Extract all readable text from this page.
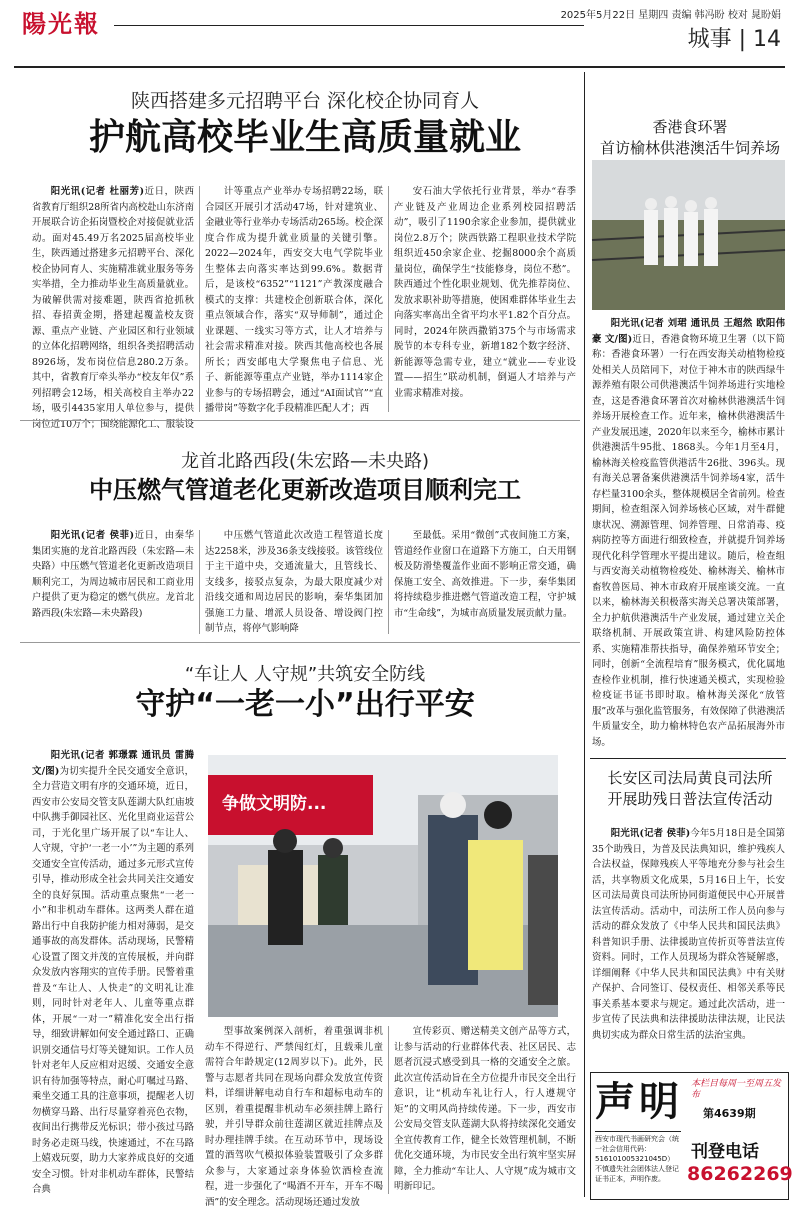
陽光報	2025年5月22日 星期四 责编 韩冯盼 校对 晁盼娟
城事 | 14
陕西搭建多元招聘平台 深化校企协同育人
护航高校毕业生高质量就业
阳光讯(记者 杜丽芳)近日，陕西省教育厅组织28所省内高校赴山东济南开展联合访企拓岗暨校企对接促就业活动。面对45.49万名2025届高校毕业生，陕西通过搭建多元招聘平台、深化校企协同育人、实施精准就业服务等务实举措，全力推动毕业生高质量就业。为破解供需对接难题，陕西省抢抓秋招、春招黄金期，搭建起覆盖校友资源、重点产业链、产业园区和行业领域的立体化招聘网络，组织各类招聘活动8926场，发布岗位信息280.2万条。其中，省教育厅牵头举办“校友年仅”系列招聘会12场，相关高校自主举办22场，吸引4435家用人单位参与，提供岗位近10万个；围绕能源化工、服装设
计等重点产业举办专场招聘22场，联合园区开展引才活动47场，针对建筑业、金融业等行业举办专场活动265场。校企深度合作成为提升就业质量的关键引擎。2022—2024年，西安交大电气学院毕业生整体去向落实率达到99.6%。数据背后，是该校“6352”“1121”产教深度融合模式的支撑：共建校企创新联合体，深化重点领域合作，落实“双导师制”，通过企业课题、一线实习等方式，让人才培养与社会需求精准对接。陕西其他高校也各展所长；西安邮电大学聚焦电子信息、光子、新能源等重点产业链，举办1114家企业参与的专场招聘会，通过“AI面试官”“直播带岗”等数字化手段精准匹配人才；西
安石油大学依托行业背景，举办“春季产业链及产业周边企业系列校园招聘活动”，吸引了1190余家企业参加，提供就业岗位2.8万个；陕西铁路工程职业技术学院组织近450余家企业、挖掘8000余个高质量岗位，确保学生“技能修身，岗位不愁”。陕西通过个性化职业规划、优先推荐岗位、发放求职补助等措施，使困难群体毕业生去向落实率高出全省平均水平1.82个百分点。同时，2024年陕西撒销375个与市场需求脱节的本专科专业，新增182个数字经济、新能源等急需专业，建立“就业——专业设置——招生”联动机制，倒逼人才培养与产业需求精准对接。
龙首北路西段(朱宏路—未央路)
中压燃气管道老化更新改造项目顺利完工
阳光讯(记者 侯菲)近日，由秦华集团实施的龙首北路西段（朱宏路—未央路）中压燃气管道老化更新改造项目顺利完工，为周边城市居民和工商业用户提供了更为稳定的燃气供应。龙首北路西段(朱宏路—未央路段)
中压燃气管道此次改造工程管道长度达2258米，涉及36条支线接驳。该管线位于主干道中央，交通流量大，且管线长、支线多，接驳点复杂，为最大限度减少对沿线交通和周边居民的影响，秦华集团加强施工力量、增派人员设备、增设阀门控制节点，将停气影响降
至最低。采用“微创”式夜间施工方案，管道经作业窗口在道路下方施工，白天用钢板及防滑垫覆盖作业面不影响正常交通，确保施工安全、高效推进。下一步，秦华集团将持续稳步推进燃气管道改造工程，守护城市“生命线”，为城市高质量发展贡献力量。
“车让人 人守规”共筑安全防线
守护“一老一小”出行平安
阳光讯(记者 郭璟霖 通讯员 雷腾文/图)为切实提升全民交通安全意识，全力营造文明有序的交通环境，近日，西安市公安局交管支队莲湖大队红庙坡中队携手御园社区、光化里商业运营公司，于光化里广场开展了以“车让人、人守规，守护‘一老一小’”为主题的系列交通安全宣传活动，通过多元形式宣传引导，推动形成全社会共同关注交通安全的良好氛围。活动重点聚焦“一老一小”和非机动车群体。这两类人群在道路出行中自我防护能力相对薄弱，是交通事故的高发群体。活动现场，民警精心设置了图文并茂的宣传展板，并向群众发放内容翔实的宣传手册。民警着重普及“车让人、人快走”的文明礼让准则，同时针对老年人、儿童等重点群体，开展“一对一”精准化安全出行指导，细致讲解如何安全通过路口、正确识别交通信号灯等关键知识。工作人员针对老年人反应相对迟缓、交通安全意识有待加强等特点，耐心叮嘱过马路、乘坐交通工具的注意事项，提醒老人切勿横穿马路、出行尽量穿着亮色衣物，夜间出行携带反光标识；带小孩过马路时务必走斑马线，快速通过，不在马路上嬉戏玩耍，助力大家养成良好的交通安全习惯。针对非机动车群体，民警结合典
争做文明防...
型事故案例深入剖析，着重强调非机动车不得逆行、严禁闯红灯，且载乘儿童需符合年龄规定(12周岁以下)。此外，民警与志愿者共同在现场向群众发放宣传资料，详细讲解电动自行车和超标电动车的区别，着重提醒非机动车必须挂牌上路行驶，并引导群众前往莲湖区就近挂牌点及时办理挂牌手续。在互动环节中，现场设置的酒驾吹气模拟体验装置吸引了众多群众参与，大家通过亲身体验饮酒检查流程，进一步强化了“喝酒不开车，开车不喝酒”的安全理念。活动现场还通过发放
宣传彩页、赠送精美文创产品等方式，让参与活动的行业群体代表、社区居民、志愿者沉浸式感受到具一格的交通安全之旅。此次宣传活动旨在全方位提升市民交全出行意识，让“机动车礼让行人，行人遵规守矩”的文明风尚持续传递。下一步，西安市公安局交管支队莲湖大队将持续深化交通安全宣传教育工作，健全长效管理机制，不断优化交通环境，为市民安全出行筑牢坚实屏障，全力推动“车让人、人守规”成为城市文明新印记。
香港食环署
首访榆林供港澳活牛饲养场
阳光讯(记者 刘珺 通讯员 王超然 欧阳伟豪 文/图)近日，香港食物环境卫生署（以下简称：香港食环署）一行在西安海关动植物检疫处相关人员陪同下，对位于神木市的陕西绿牛源养殖有限公司供港澳活牛饲养场进行实地检查，这是香港食环署首次对榆林供港澳活牛饲养场开展检查工作。近年来，榆林供港澳活牛产业发展迅速，2020年以来至今，榆林市累计供港澳活牛95批、1868头。今年1月至4月，榆林海关检疫监管供港活牛26批、396头。现有海关总署备案供港澳活牛饲养场4家，活牛存栏量3100余头，整体规模居全省前列。检查期间，检查组深入饲养场核心区域，对牛群健康状况、溯源管理、饲养管理、日常消毒、疫病防控等方面进行细致检查，并就提升饲养场现代化科学管理水平提出建议。随后，检查组与西安海关动植物检疫处、榆林海关、榆林市畜牧兽医局、神木市政府开展座谈交流。一直以来，榆林海关积极落实海关总署决策部署，全力护航供港澳活牛产业发展，通过建立关企联络机制、开展政策宣讲、构建风险防控体系、实施精准帮扶指导，确保养殖环节安全；同时，创新“全流程培育”服务模式，优化属地查检作业机制，推行快速通关模式，实现检验检疫证书证书即时取。榆林海关深化“放管服”改革与强化监管服务，有效保障了供港澳活牛质量安全，助力榆林特色农产品拓展海外市场。
长安区司法局黄良司法所
开展助残日普法宣传活动
阳光讯(记者 侯菲)今年5月18日是全国第35个助残日，为普及民法典知识，维护残疾人合法权益，保障残疾人平等地充分参与社会生活，共享物质文化成果，5月16日上午，长安区司法局黄良司法所协同街道便民中心开展普法宣传活动。活动中，司法所工作人员向参与活动的群众发放了《中华人民共和国民法典》科普知识手册、法律援助宣传折页等普法宣传资料。同时，工作人员现场为群众答疑解惑，详细阐释《中华人民共和国民法典》中有关财产保护、合同签订、侵权责任、相邻关系等民事关系基本要求与规定。通过此次活动，进一步宣传了民法典和法律援助法律法规，让民法典切实成为群众日常生活的法治宝典。
声明 本栏目每周一至周五发布
第4639期
西安市现代书画研究会（统一社会信用代码：516101005321045D）不慎遗失社会团体法人登记证书正本，声明作废。
刊登电话
86262269
